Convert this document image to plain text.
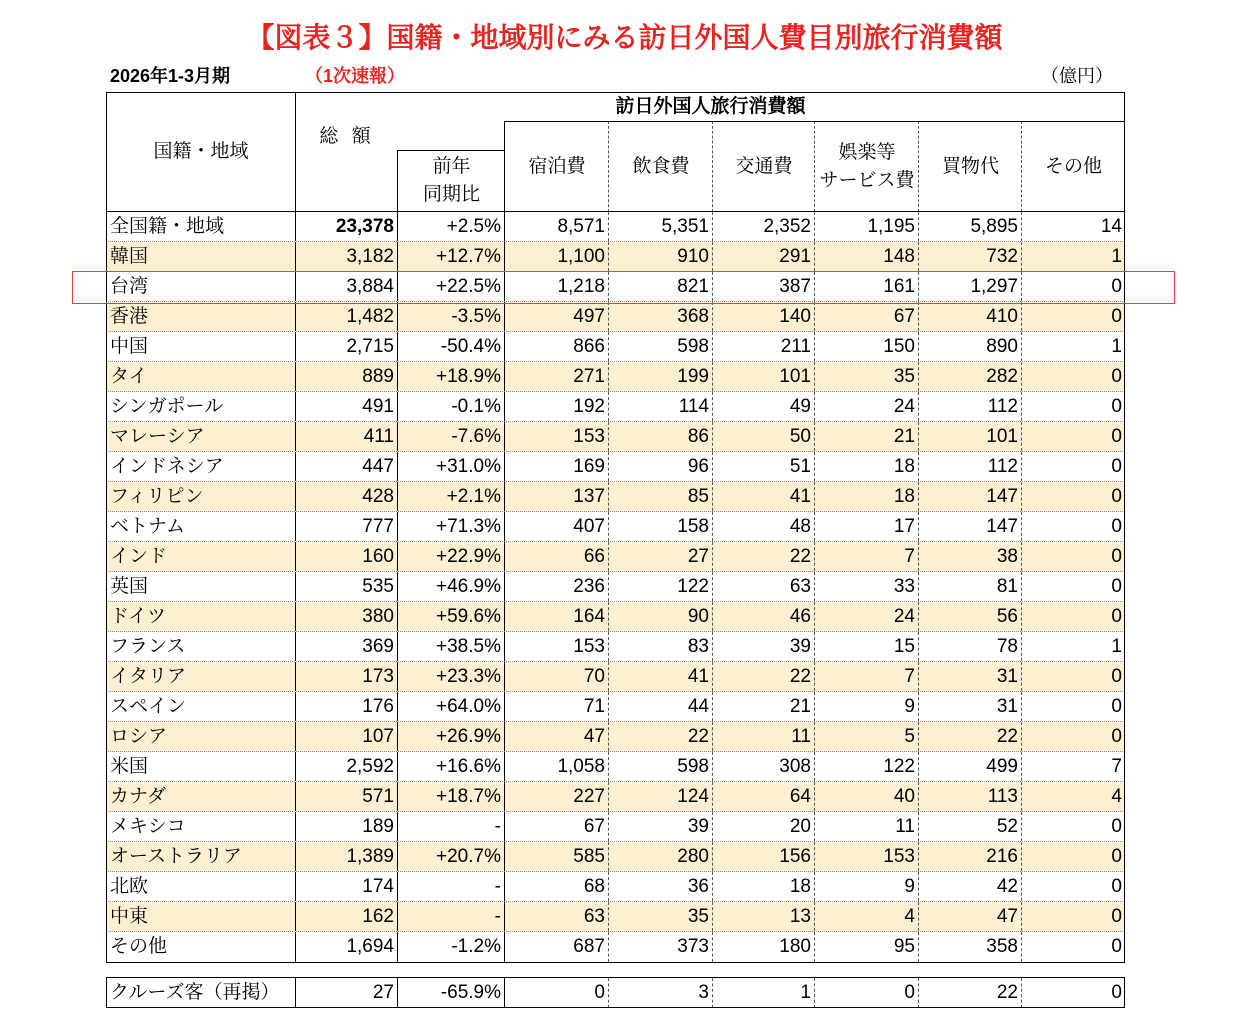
【図表３】国籍・地域別にみる訪日外国人費目別旅行消費額
2026年1-3月期	（1次速報）	（億円）
国籍・地域
訪日外国人旅行消費額
総 額
前年
同期比
宿泊費 飲食費 交通費
娯楽等
サービス費
買物代 その他
全国籍・地域	23,378	+2.5%	8,571	5,351	2,352	1,195	5,895	14
韓国	3,182	+12.7%	1,100	910	291	148	732	1
台湾	3,884	+22.5%	1,218	821	387	161	1,297	0
香港	1,482	-3.5%	497	368	140	67	410	0
中国	2,715	-50.4%	866	598	211	150	890	1
タイ	889	+18.9%	271	199	101	35	282	0
シンガポール	491	-0.1%	192	114	49	24	112	0
マレーシア	411	-7.6%	153	86	50	21	101	0
インドネシア	447	+31.0%	169	96	51	18	112	0
フィリピン	428	+2.1%	137	85	41	18	147	0
ベトナム	777	+71.3%	407	158	48	17	147	0
インド	160	+22.9%	66	27	22	7	38	0
英国	535	+46.9%	236	122	63	33	81	0
ドイツ	380	+59.6%	164	90	46	24	56	0
フランス	369	+38.5%	153	83	39	15	78	1
イタリア	173	+23.3%	70	41	22	7	31	0
スペイン	176	+64.0%	71	44	21	9	31	0
ロシア	107	+26.9%	47	22	11	5	22	0
米国	2,592	+16.6%	1,058	598	308	122	499	7
カナダ	571	+18.7%	227	124	64	40	113	4
メキシコ	189	-	67	39	20	11	52	0
オーストラリア	1,389	+20.7%	585	280	156	153	216	0
北欧	174	-	68	36	18	9	42	0
中東	162	-	63	35	13	4	47	0
その他	1,694	-1.2%	687	373	180	95	358	0
クルーズ客（再掲）	27	-65.9%	0	3	1	0	22	0
